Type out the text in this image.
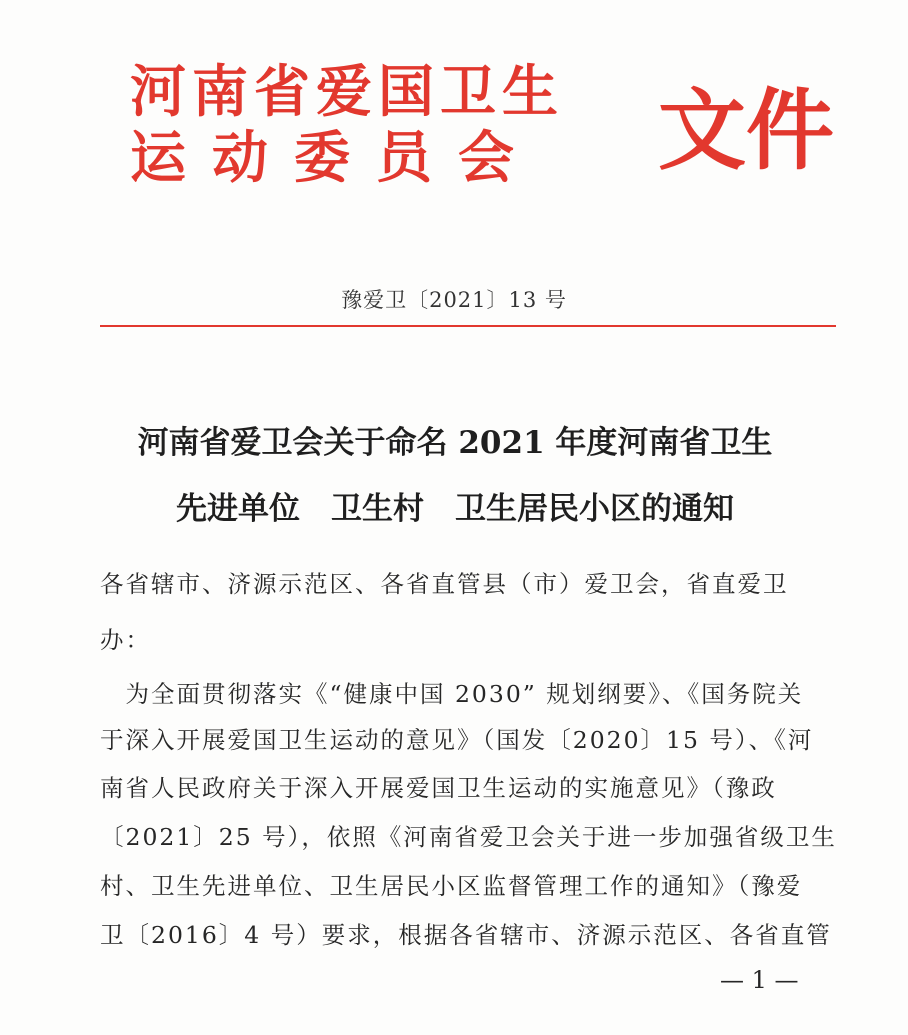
河南省爱国卫生
运动委员会 文件
豫爱卫〔2021〕13 号
河南省爱卫会关于命名 2021 年度河南省卫生
先进单位　卫生村　卫生居民小区的通知
各省辖市、济源示范区、各省直管县（市）爱卫会，省直爱卫
办：
　为全面贯彻落实《“健康中国 2030” 规划纲要》、《国务院关
于深入开展爱国卫生运动的意见》（国发〔2020〕15 号）、《河
南省人民政府关于深入开展爱国卫生运动的实施意见》（豫政
〔2021〕25 号），依照《河南省爱卫会关于进一步加强省级卫生
村、卫生先进单位、卫生居民小区监督管理工作的通知》（豫爱
卫〔2016〕4 号）要求，根据各省辖市、济源示范区、各省直管
— 1 —
